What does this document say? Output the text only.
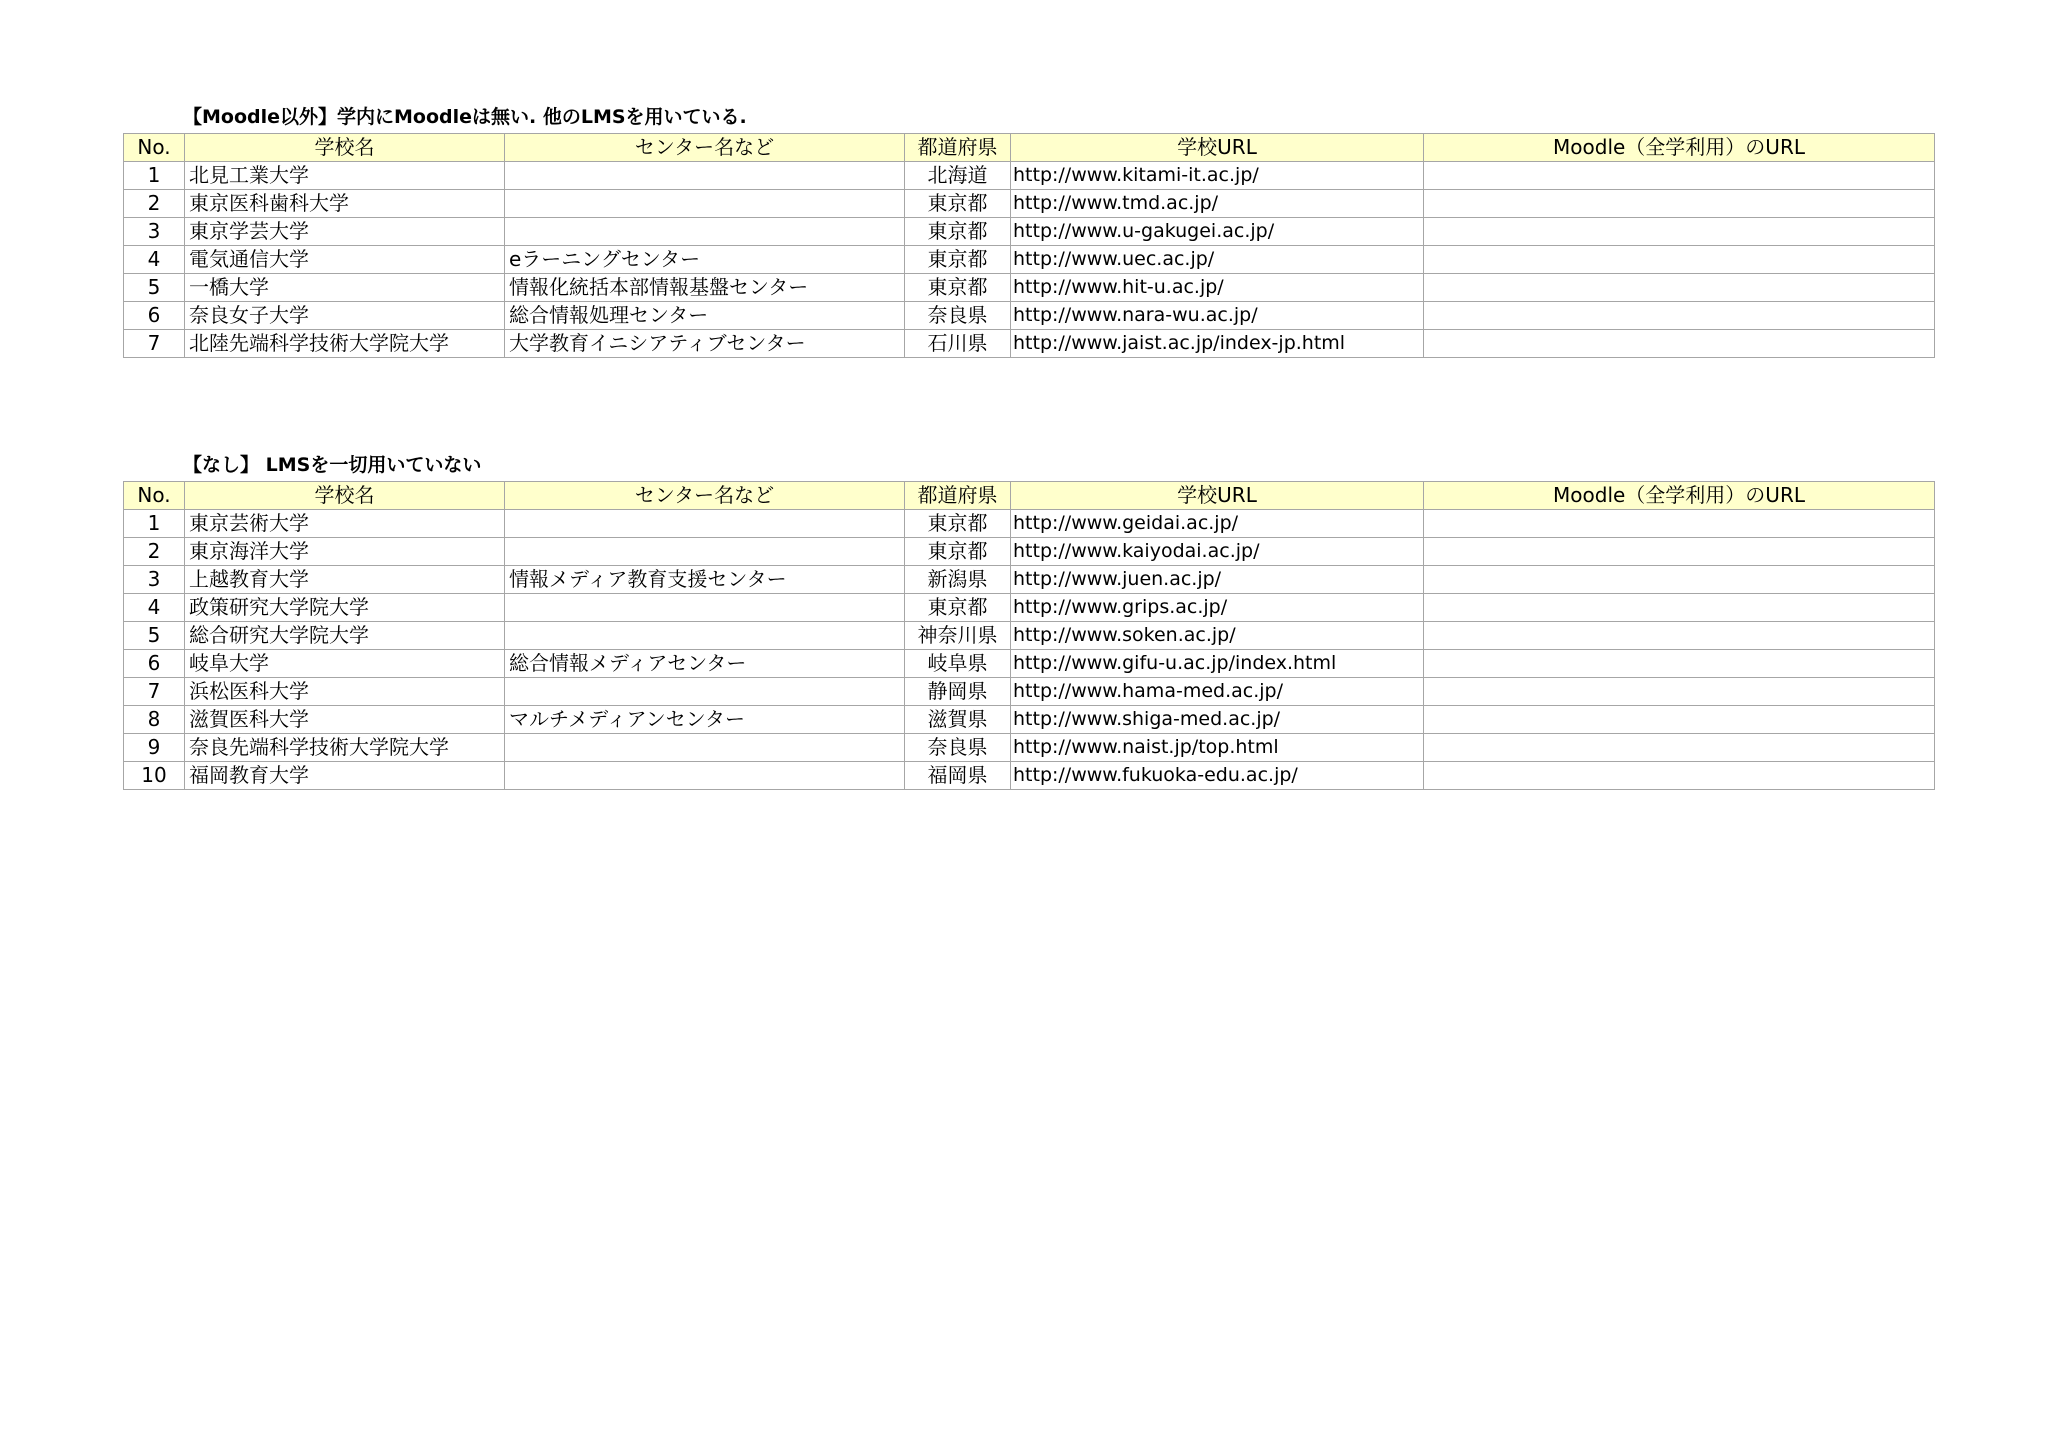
【Moodle以外】学内にMoodleは無い. 他のLMSを用いている.
No.	学校名	センター名など	都道府県	学校URL	Moodle（全学利用）のURL
1	北見工業大学		北海道	http://www.kitami-it.ac.jp/	
2	東京医科歯科大学		東京都	http://www.tmd.ac.jp/	
3	東京学芸大学		東京都	http://www.u-gakugei.ac.jp/	
4	電気通信大学	eラーニングセンター	東京都	http://www.uec.ac.jp/	
5	一橋大学	情報化統括本部情報基盤センター	東京都	http://www.hit-u.ac.jp/	
6	奈良女子大学	総合情報処理センター	奈良県	http://www.nara-wu.ac.jp/	
7	北陸先端科学技術大学院大学	大学教育イニシアティブセンター	石川県	http://www.jaist.ac.jp/index-jp.html	
【なし】 LMSを一切用いていない
No.	学校名	センター名など	都道府県	学校URL	Moodle（全学利用）のURL
1	東京芸術大学		東京都	http://www.geidai.ac.jp/	
2	東京海洋大学		東京都	http://www.kaiyodai.ac.jp/	
3	上越教育大学	情報メディア教育支援センター	新潟県	http://www.juen.ac.jp/	
4	政策研究大学院大学		東京都	http://www.grips.ac.jp/	
5	総合研究大学院大学		神奈川県	http://www.soken.ac.jp/	
6	岐阜大学	総合情報メディアセンター	岐阜県	http://www.gifu-u.ac.jp/index.html	
7	浜松医科大学		静岡県	http://www.hama-med.ac.jp/	
8	滋賀医科大学	マルチメディアンセンター	滋賀県	http://www.shiga-med.ac.jp/	
9	奈良先端科学技術大学院大学		奈良県	http://www.naist.jp/top.html	
10	福岡教育大学		福岡県	http://www.fukuoka-edu.ac.jp/	
